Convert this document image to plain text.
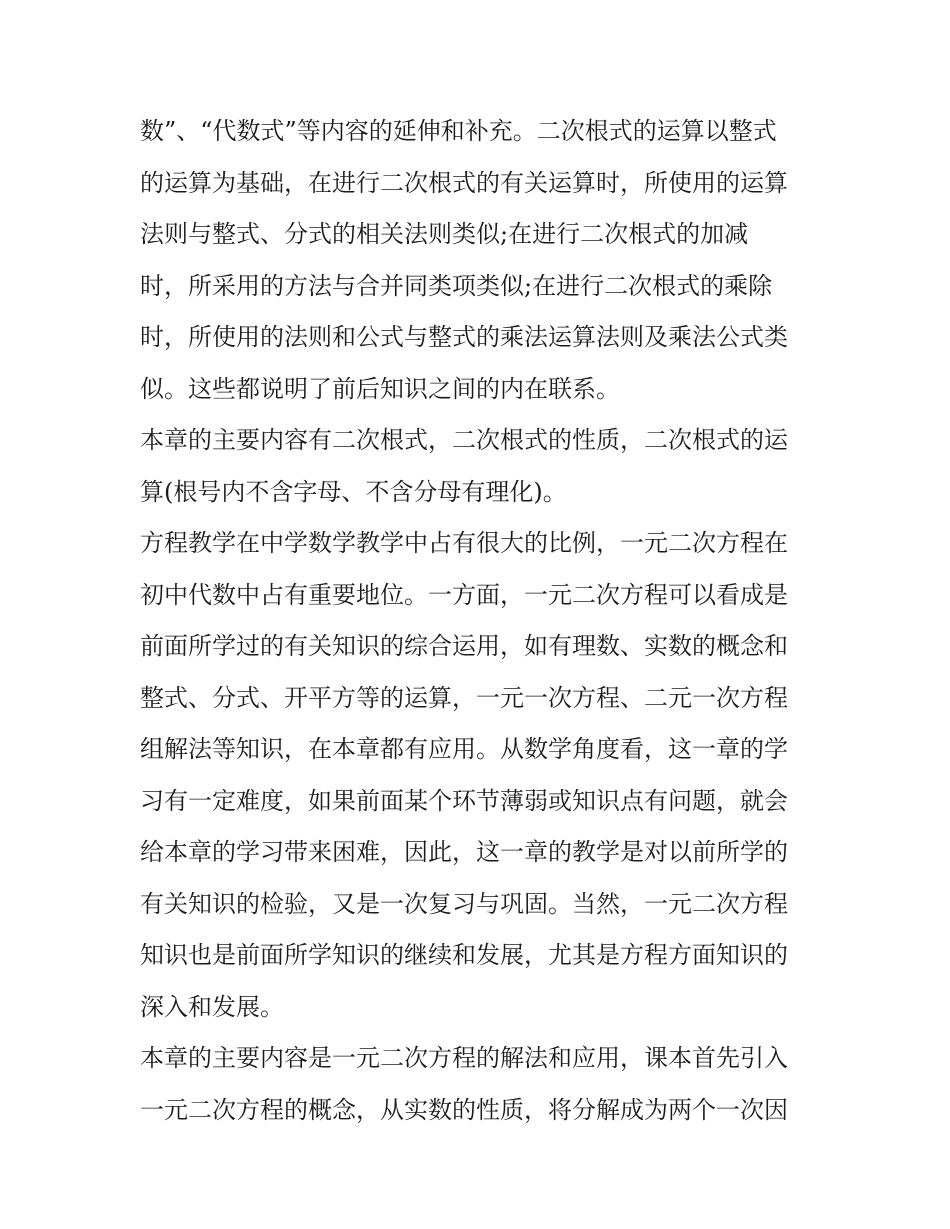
数”、“代数式”等内容的延伸和补充。二次根式的运算以整式
的运算为基础，在进行二次根式的有关运算时，所使用的运算
法则与整式、分式的相关法则类似;在进行二次根式的加减
时，所采用的方法与合并同类项类似;在进行二次根式的乘除
时，所使用的法则和公式与整式的乘法运算法则及乘法公式类
似。这些都说明了前后知识之间的内在联系。
本章的主要内容有二次根式，二次根式的性质，二次根式的运
算(根号内不含字母、不含分母有理化)。
方程教学在中学数学教学中占有很大的比例，一元二次方程在
初中代数中占有重要地位。一方面，一元二次方程可以看成是
前面所学过的有关知识的综合运用，如有理数、实数的概念和
整式、分式、开平方等的运算，一元一次方程、二元一次方程
组解法等知识，在本章都有应用。从数学角度看，这一章的学
习有一定难度，如果前面某个环节薄弱或知识点有问题，就会
给本章的学习带来困难，因此，这一章的教学是对以前所学的
有关知识的检验，又是一次复习与巩固。当然，一元二次方程
知识也是前面所学知识的继续和发展，尤其是方程方面知识的
深入和发展。
本章的主要内容是一元二次方程的解法和应用，课本首先引入
一元二次方程的概念，从实数的性质，将分解成为两个一次因
